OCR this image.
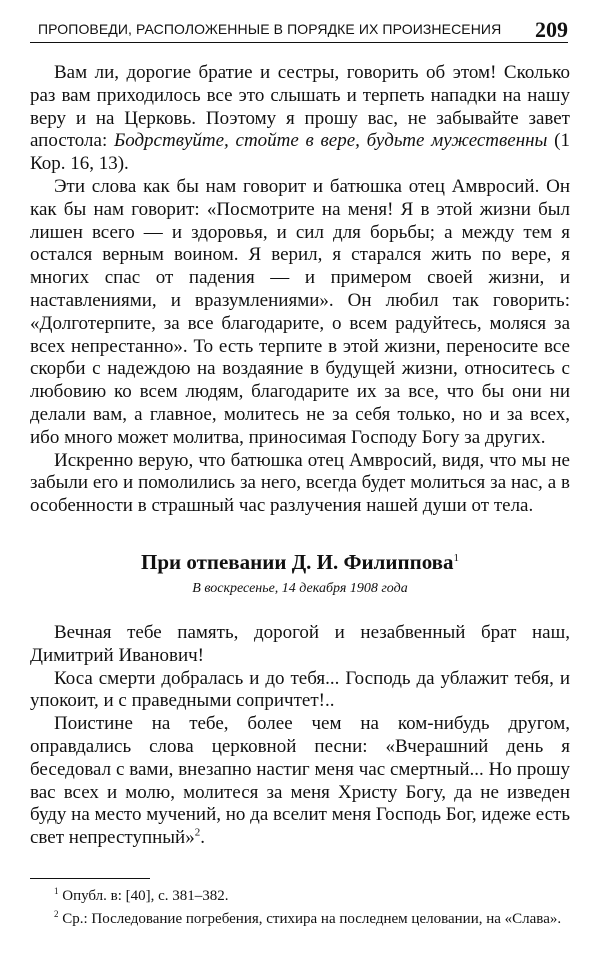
ПРОПОВЕДИ, РАСПОЛОЖЕННЫЕ В ПОРЯДКЕ ИХ ПРОИЗНЕСЕНИЯ 209

Вам ли, дорогие братие и сестры, говорить об этом! Сколько раз вам приходилось все это слышать и терпеть нападки на нашу веру и на Церковь. Поэтому я прошу вас, не забывайте завет апостола: Бодрствуйте, стойте в вере, будьте мужественны (1 Кор. 16, 13).

Эти слова как бы нам говорит и батюшка отец Амвросий. Он как бы нам говорит: «Посмотрите на меня! Я в этой жизни был лишен всего — и здоровья, и сил для борьбы; а между тем я остался верным воином. Я верил, я старался жить по вере, я многих спас от падения — и примером своей жизни, и наставлениями, и вразумлениями». Он любил так говорить: «Долготерпите, за все благодарите, о всем радуйтесь, моляся за всех непрестанно». То есть терпите в этой жизни, переносите все скорби с надеждою на воздаяние в будущей жизни, относитесь с любовию ко всем людям, благодарите их за все, что бы они ни делали вам, а главное, молитесь не за себя только, но и за всех, ибо много может молитва, приносимая Господу Богу за других.

Искренно верую, что батюшка отец Амвросий, видя, что мы не забыли его и помолились за него, всегда будет молиться за нас, а в особенности в страшный час разлучения нашей души от тела.

При отпевании Д. И. Филиппова$^1$
В воскресенье, 14 декабря 1908 года

Вечная тебе память, дорогой и незабвенный брат наш, Димитрий Иванович!

Коса смерти добралась и до тебя... Господь да ублажит тебя, и упокоит, и с праведными сопричтет!..

Поистине на тебе, более чем на ком-нибудь другом, оправдались слова церковной песни: «Вчерашний день я беседовал с вами, внезапно настиг меня час смертный... Но прошу вас всех и молю, молитеся за меня Христу Богу, да не изведен буду на место мучений, но да вселит меня Господь Бог, идеже есть свет непреступный»$^2$.

$^1$ Опубл. в: [40], с. 381–382.

$^2$ Ср.: Последование погребения, стихира на последнем целовании, на «Слава».
